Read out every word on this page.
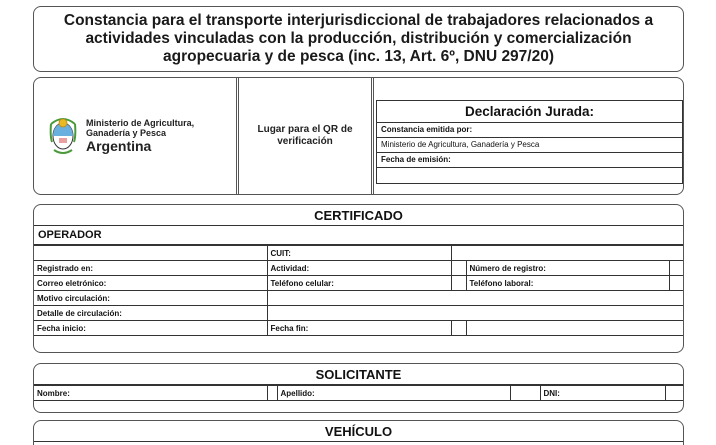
Constancia para el transporte interjurisdiccional de trabajadores relacionados a actividades vinculadas con la producción, distribución y comercialización agropecuaria y de pesca (inc. 13, Art. 6º, DNU 297/20)
Ministerio de Agricultura,
Ganadería y Pesca
Argentina
Lugar para el QR de verificación
Declaración Jurada:
Constancia emitida por:
Ministerio de Agricultura, Ganadería y Pesca
Fecha de emisión:
CERTIFICADO
OPERADOR
	CUIT:			
Registrado en:	Actividad:		Número de registro:	
Correo eletrónico:	Teléfono celular:		Teléfono laboral:	
Motivo circulación:				
Detalle de circulación:				
Fecha inicio:	Fecha fin:			
SOLICITANTE
Nombre:		Apellido:		DNI:	
VEHÍCULO
